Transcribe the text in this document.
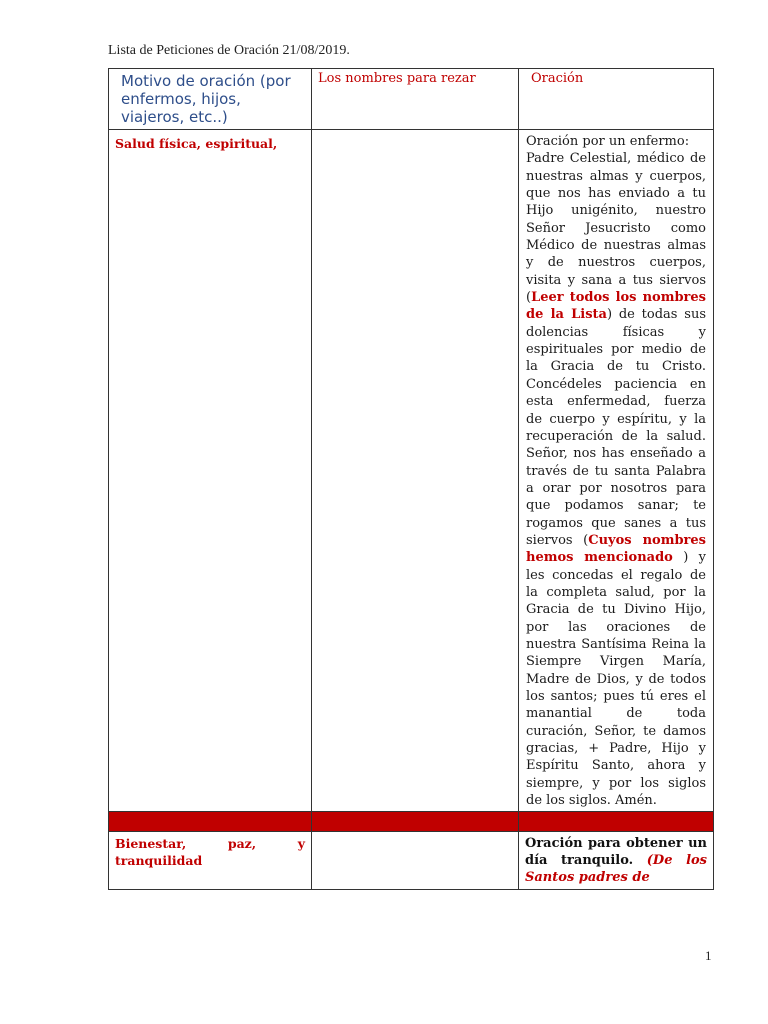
Lista de Peticiones de Oración 21/08/2019.
Motivo de oración (por enfermos, hijos, viajeros, etc..)	Los nombres para rezar	Oración
Salud física, espiritual,		Oración por un enfermo:

Padre Celestial, médico de nuestras almas y cuerpos, que nos has enviado a tu Hijo unigénito, nuestro Señor Jesucristo como Médico de nuestras almas y de nuestros cuerpos, visita y sana a tus siervos (Leer todos los nombres de la Lista) de todas sus dolencias físicas y espirituales por medio de la Gracia de tu Cristo. Concédeles paciencia en esta enfermedad, fuerza de cuerpo y espíritu, y la recuperación de la salud. Señor, nos has enseñado a través de tu santa Palabra a orar por nosotros para que podamos sanar; te rogamos que sanes a tus siervos (Cuyos nombres hemos mencionado ) y les concedas el regalo de la completa salud, por la Gracia de tu Divino Hijo, por las oraciones de nuestra Santísima Reina la Siempre Virgen María, Madre de Dios, y de todos los santos; pues tú eres el manantial de toda curación, Señor, te damos gracias, + Padre, Hijo y Espíritu Santo, ahora y siempre, y por los siglos de los siglos. Amén.

Bienestar, paz, y tranquilidad		Oración para obtener un día tranquilo. (De los Santos padres de
1
